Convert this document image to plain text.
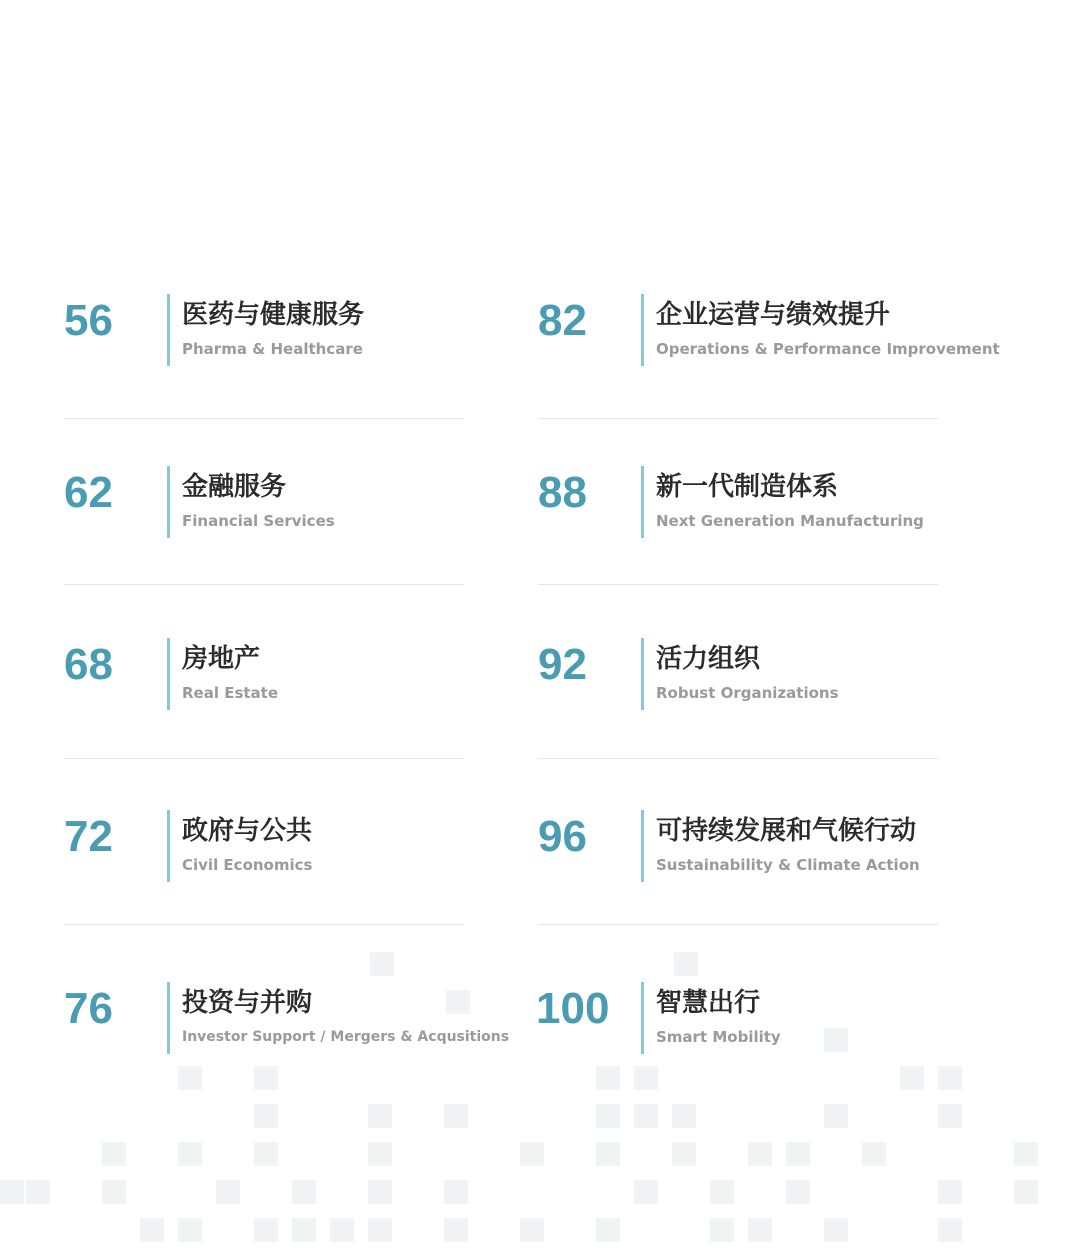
56	医药与健康服务
Pharma & Healthcare
82	企业运营与绩效提升
Operations & Performance Improvement
62	金融服务
Financial Services
88	新一代制造体系
Next Generation Manufacturing
68	房地产
Real Estate
92	活力组织
Robust Organizations
72	政府与公共
Civil Economics
96	可持续发展和气候行动
Sustainability & Climate Action
76	投资与并购
Investor Support / Mergers & Acqusitions
100 智慧出行
Smart Mobility
